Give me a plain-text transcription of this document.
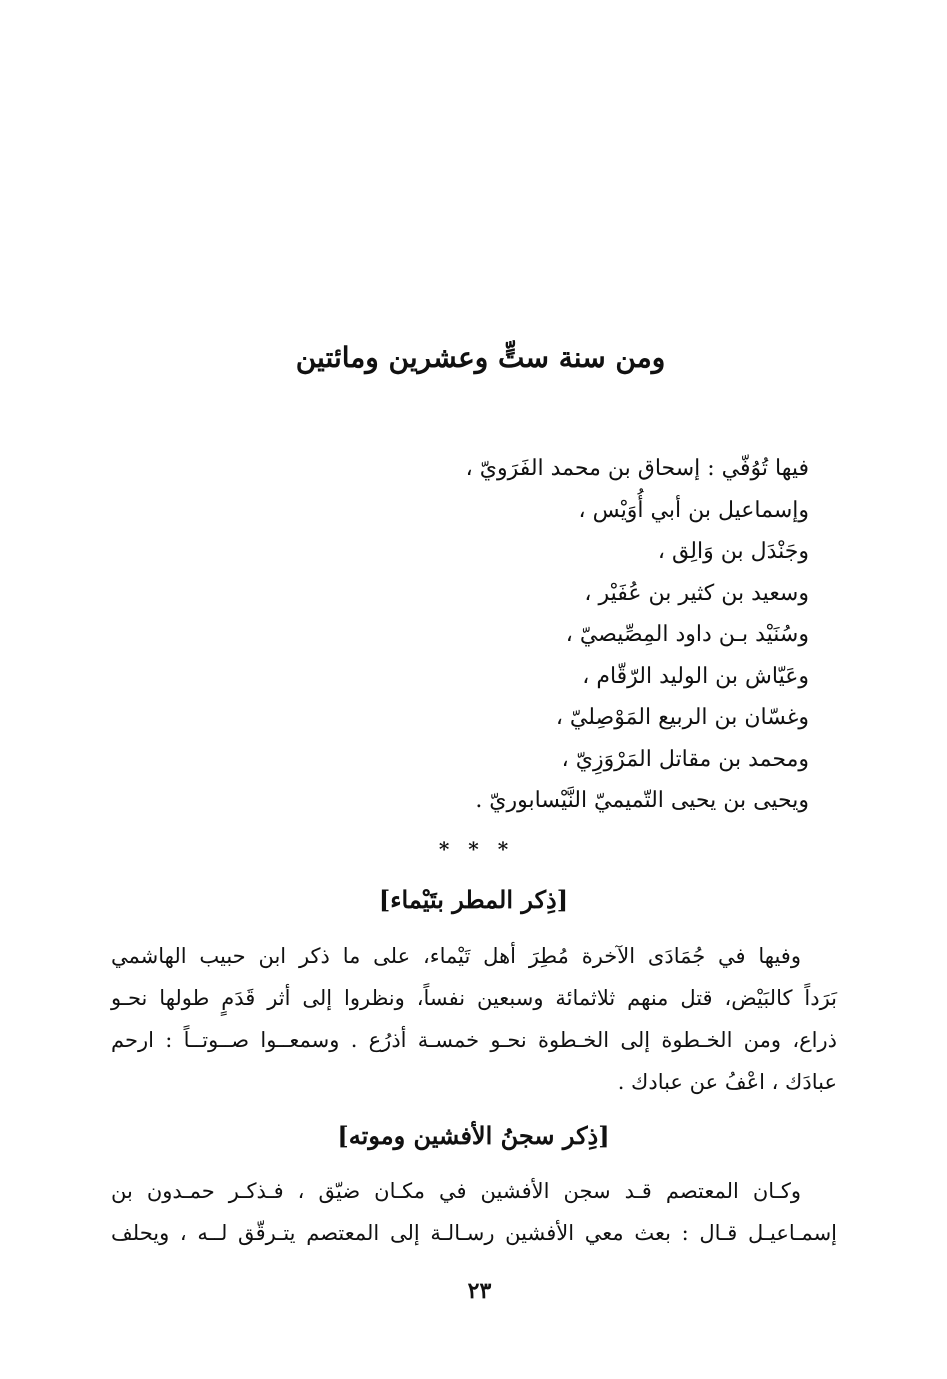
ومن سنة ستٍّ وعشرين ومائتين
فيها تُوُفّي : إسحاق بن محمد الفَرَويّ ،
وإسماعيل بن أبي أُوَيْس ،
وجَنْدَل بن وَالِق ،
وسعيد بن كثير بن عُفَيْر ،
وسُنَيْد بـن داود المِصِّيصيّ ،
وعَيّاش بن الوليد الرّقّام ،
وغسّان بن الربيع المَوْصِليّ ،
ومحمد بن مقاتل المَرْوَزِيّ ،
ويحيى بن يحيى التّميميّ النَّيْسابوريّ .
* * *
[ذِكر المطر بتَيْماء]

وفيها في جُمَادَى الآخرة مُطِرَ أهل تَيْماء، على ما ذكر ابن حبيب الهاشمي
بَرَداً كالبَيْض، قتل منهم ثلاثمائة وسبعين نفساً، ونظروا إلى أثر قَدَمٍ طولها نحـو
ذراع، ومن الخـطوة إلى الخـطوة نحـو خمسـة أذرُع . وسمعــوا صــوتــاً : ارحم
عبادَك ، اعْفُ عن عبادك .

[ذِكر سجنُ الأفشين وموته]

وكـان المعتصم قـد سجن الأفشين في مكـان ضيّق ، فـذكـر حمـدون بن
إسمـاعيـل قـال : بعث معي الأفشين رسـالـة إلى المعتصم يتـرقّق لــه ، ويحلف

٢٣
